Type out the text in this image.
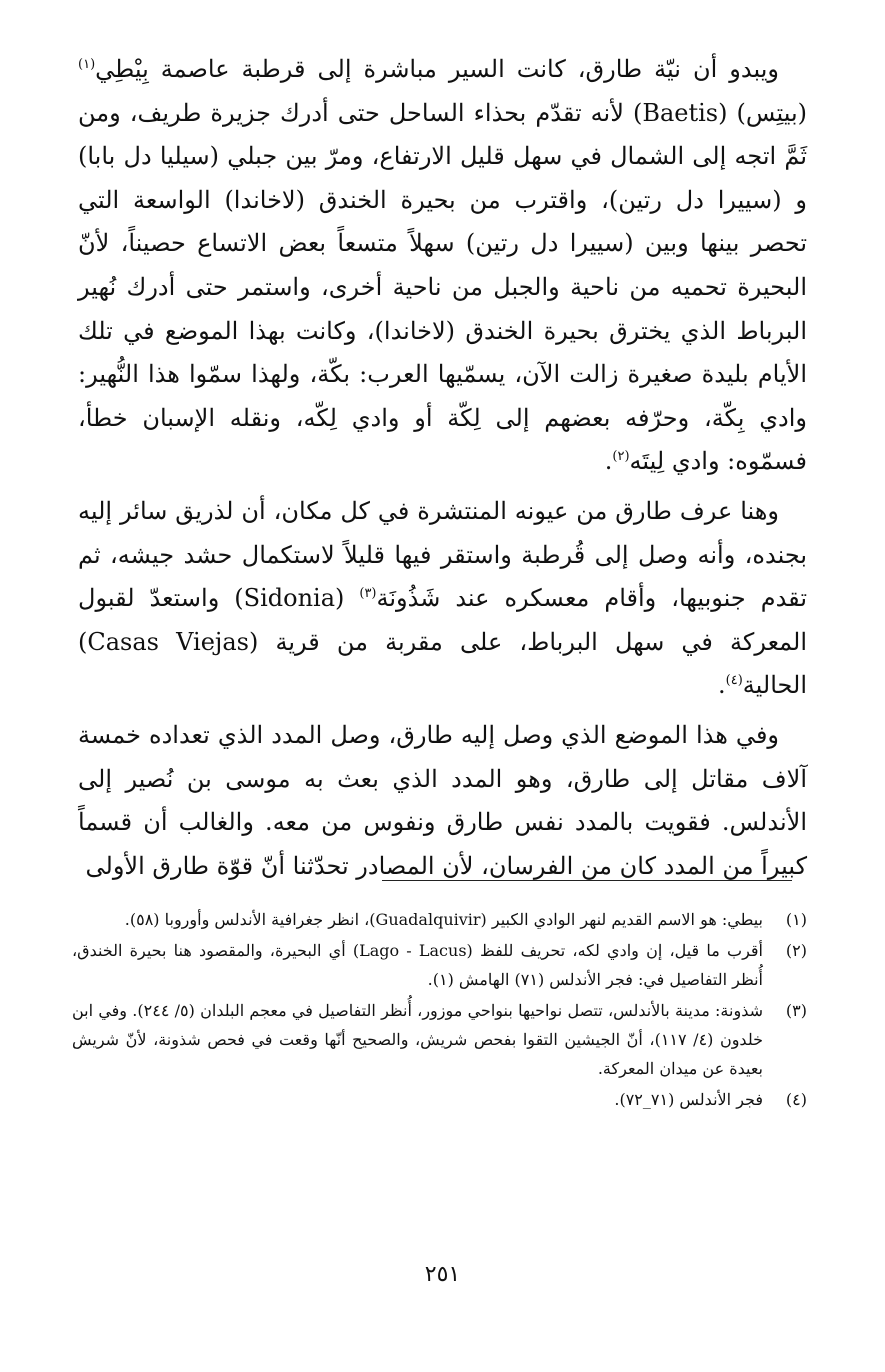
ويبدو أن نيّة طارق، كانت السير مباشرة إلى قرطبة عاصمة بِيْطِي$^{(١)}$ (بيتِس) (Baetis) لأنه تقدّم بحذاء الساحل حتى أدرك جزيرة طريف، ومن ثَمَّ اتجه إلى الشمال في سهل قليل الارتفاع، ومرّ بين جبلي (سيليا دل بابا) و (سييرا دل رتين)، واقترب من بحيرة الخندق (لاخاندا) الواسعة التي تحصر بينها وبين (سييرا دل رتين) سهلاً متسعاً بعض الاتساع حصيناً، لأنّ البحيرة تحميه من ناحية والجبل من ناحية أخرى، واستمر حتى أدرك نُهير البرباط الذي يخترق بحيرة الخندق (لاخاندا)، وكانت بهذا الموضع في تلك الأيام بليدة صغيرة زالت الآن، يسمّيها العرب: بكّة، ولهذا سمّوا هذا النُّهير: وادي بِكّة، وحرّفه بعضهم إلى لِكّة أو وادي لِكّه، ونقله الإسبان خطأ، فسمّوه: وادي لِيتَه$^{(٢)}$.

وهنا عرف طارق من عيونه المنتشرة في كل مكان، أن لذريق سائر إليه بجنده، وأنه وصل إلى قُرطبة واستقر فيها قليلاً لاستكمال حشد جيشه، ثم تقدم جنوبيها، وأقام معسكره عند شَذُونَة$^{(٣)}$ (Sidonia) واستعدّ لقبول المعركة في سهل البرباط، على مقربة من قرية (Casas Viejas) الحالية$^{(٤)}$.

وفي هذا الموضع الذي وصل إليه طارق، وصل المدد الذي تعداده خمسة آلاف مقاتل إلى طارق، وهو المدد الذي بعث به موسى بن نُصير إلى الأندلس. فقويت بالمدد نفس طارق ونفوس من معه. والغالب أن قسماً كبيراً من المدد كان من الفرسان، لأن المصادر تحدّثنا أنّ قوّة طارق الأولى

(١)
بيطي: هو الاسم القديم لنهر الوادي الكبير (Guadalquivir)، انظر جغرافية الأندلس وأوروبا (٥٨).
(٢)
أقرب ما قيل، إن وادي لكه، تحريف للفظ (Lago - Lacus) أي البحيرة، والمقصود هنا بحيرة الخندق، أُنظر التفاصيل في: فجر الأندلس (٧١) الهامش (١).
(٣)
شذونة: مدينة بالأندلس، تتصل نواحيها بنواحي موزور، أُنظر التفاصيل في معجم البلدان (٥/ ٢٤٤). وفي ابن خلدون (٤/ ١١٧)، أنّ الجيشين التقوا بفحص شريش، والصحيح أنّها وقعت في فحص شذونة، لأنّ شريش بعيدة عن ميدان المعركة.
(٤)
فجر الأندلس (٧١_٧٢).
٢٥١
